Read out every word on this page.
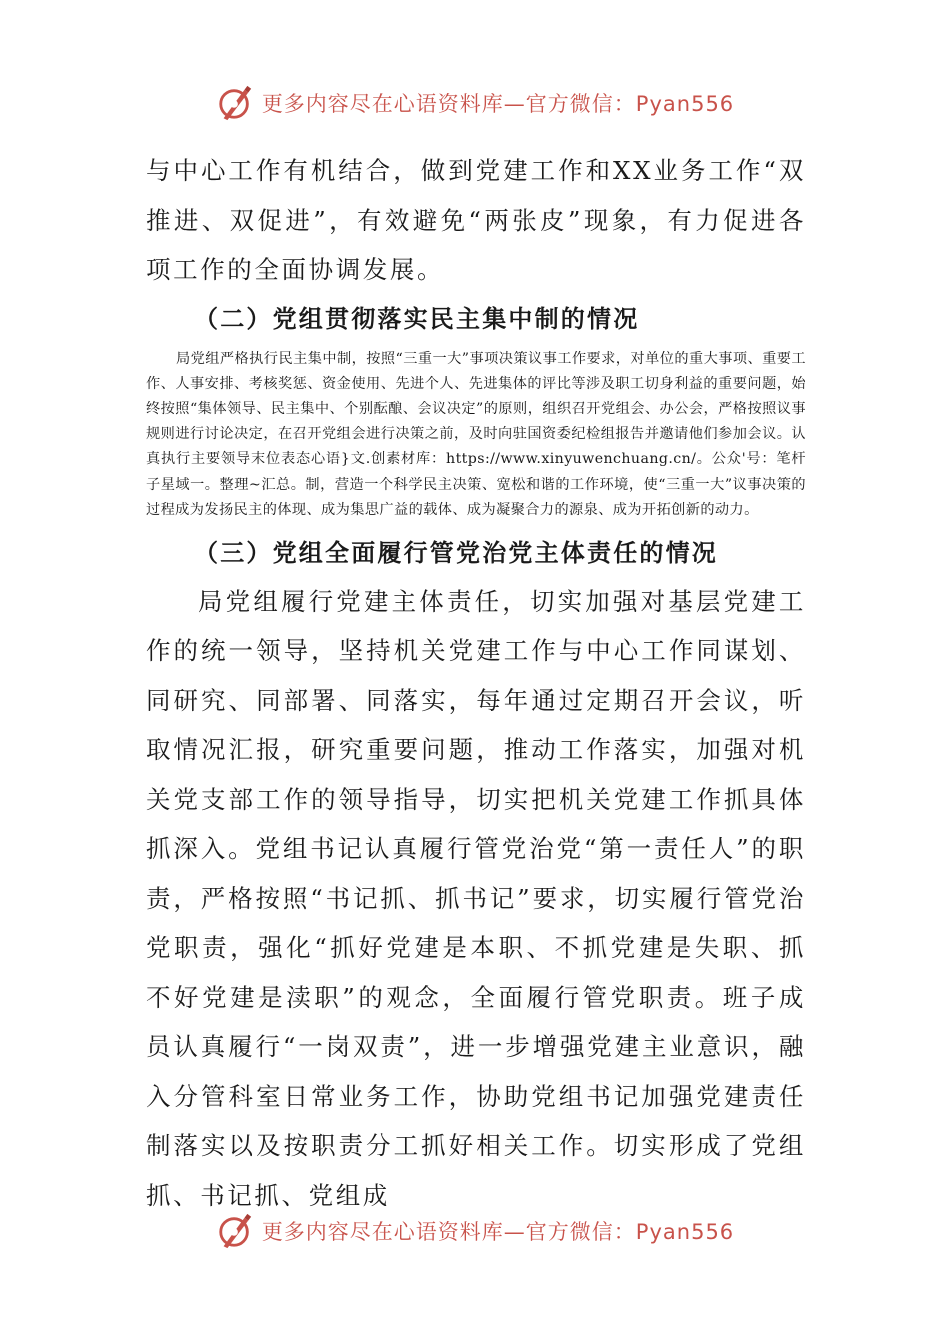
更多内容尽在心语资料库—官方微信：Pyan556

与中心工作有机结合，做到党建工作和XX业务工作“双推进、双促进”，有效避免“两张皮”现象，有力促进各项工作的全面协调发展。

（二）党组贯彻落实民主集中制的情况

局党组严格执行民主集中制，按照“三重一大”事项决策议事工作要求，对单位的重大事项、重要工作、人事安排、考核奖惩、资金使用、先进个人、先进集体的评比等涉及职工切身利益的重要问题，始终按照“集体领导、民主集中、个别酝酿、会议决定”的原则，组织召开党组会、办公会，严格按照议事规则进行讨论决定，在召开党组会进行决策之前，及时向驻国资委纪检组报告并邀请他们参加会议。认真执行主要领导末位表态心语}文.创素材库：https://www.xinyuwenchuang.cn/。公众'号：笔杆子星域一。整理~汇总。制，营造一个科学民主决策、宽松和谐的工作环境，使“三重一大”议事决策的过程成为发扬民主的体现、成为集思广益的载体、成为凝聚合力的源泉、成为开拓创新的动力。

（三）党组全面履行管党治党主体责任的情况

局党组履行党建主体责任，切实加强对基层党建工作的统一领导，坚持机关党建工作与中心工作同谋划、同研究、同部署、同落实，每年通过定期召开会议，听取情况汇报，研究重要问题，推动工作落实，加强对机关党支部工作的领导指导，切实把机关党建工作抓具体抓深入。党组书记认真履行管党治党“第一责任人”的职责，严格按照“书记抓、抓书记”要求，切实履行管党治党职责，强化“抓好党建是本职、不抓党建是失职、抓不好党建是渎职”的观念，全面履行管党职责。班子成员认真履行“一岗双责”，进一步增强党建主业意识，融入分管科室日常业务工作，协助党组书记加强党建责任制落实以及按职责分工抓好相关工作。切实形成了党组抓、书记抓、党组成

更多内容尽在心语资料库—官方微信：Pyan556
